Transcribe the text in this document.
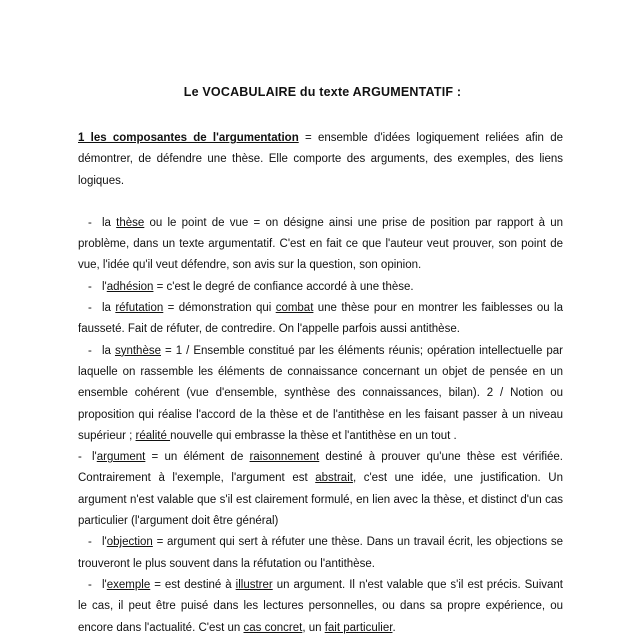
Le VOCABULAIRE du texte ARGUMENTATIF :

1 les composantes de l'argumentation = ensemble d'idées logiquement reliées afin de démontrer, de défendre une thèse. Elle comporte des arguments, des exemples, des liens logiques.

- la thèse ou le point de vue = on désigne ainsi une prise de position par rapport à un problème, dans un texte argumentatif. C'est en fait ce que l'auteur veut prouver, son point de vue, l'idée qu'il veut défendre, son avis sur la question, son opinion.

- l'adhésion = c'est le degré de confiance accordé à une thèse.

- la réfutation = démonstration qui combat une thèse pour en montrer les faiblesses ou la fausseté. Fait de réfuter, de contredire. On l'appelle parfois aussi antithèse.

- la synthèse = 1 / Ensemble constitué par les éléments réunis; opération intellectuelle par laquelle on rassemble les éléments de connaissance concernant un objet de pensée en un ensemble cohérent (vue d'ensemble, synthèse des connaissances, bilan). 2 / Notion ou proposition qui réalise l'accord de la thèse et de l'antithèse en les faisant passer à un niveau supérieur ; réalité nouvelle qui embrasse la thèse et l'antithèse en un tout .

- l'argument = un élément de raisonnement destiné à prouver qu'une thèse est vérifiée. Contrairement à l'exemple, l'argument est abstrait, c'est une idée, une justification. Un argument n'est valable que s'il est clairement formulé, en lien avec la thèse, et distinct d'un cas particulier (l'argument doit être général)

- l'objection = argument qui sert à réfuter une thèse. Dans un travail écrit, les objections se trouveront le plus souvent dans la réfutation ou l'antithèse.

- l'exemple = est destiné à illustrer un argument. Il n'est valable que s'il est précis. Suivant le cas, il peut être puisé dans les lectures personnelles, ou dans sa propre expérience, ou encore dans l'actualité. C'est un cas concret, un fait particulier.
